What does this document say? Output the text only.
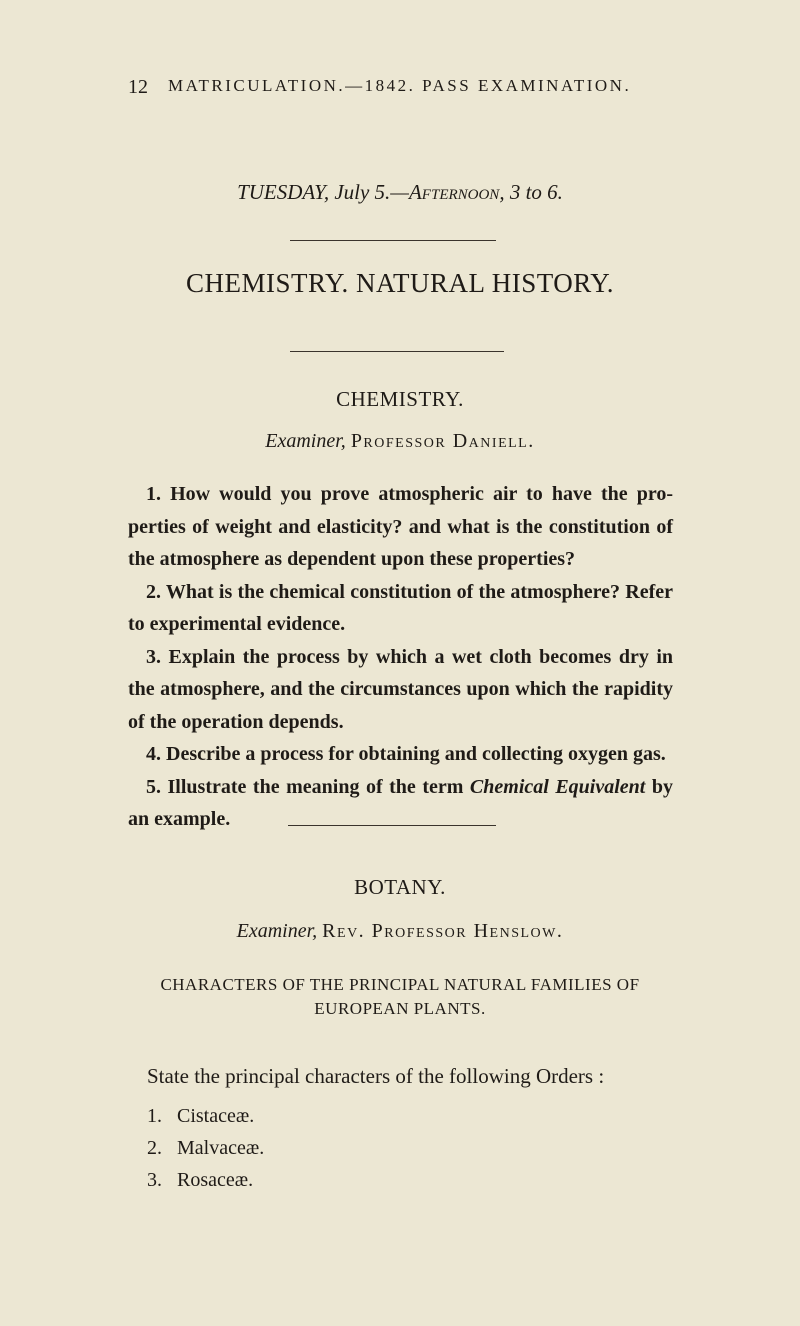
12 MATRICULATION.—1842. PASS EXAMINATION.
TUESDAY, July 5.—Afternoon, 3 to 6.
CHEMISTRY. NATURAL HISTORY.
CHEMISTRY.
Examiner, Professor Daniell.

1. How would you prove atmospheric air to have the pro- perties of weight and elasticity? and what is the constitution of the atmosphere as dependent upon these properties?

2. What is the chemical constitution of the atmosphere? Refer to experimental evidence.

3. Explain the process by which a wet cloth becomes dry in the atmosphere, and the circumstances upon which the rapidity of the operation depends.

4. Describe a process for obtaining and collecting oxygen gas.

5. Illustrate the meaning of the term Chemical Equivalent by an example.

BOTANY.
Examiner, Rev. Professor Henslow.
CHARACTERS OF THE PRINCIPAL NATURAL FAMILIES OF
EUROPEAN PLANTS.
State the principal characters of the following Orders :
1. Cistaceæ.
2. Malvaceæ.
3. Rosaceæ.
